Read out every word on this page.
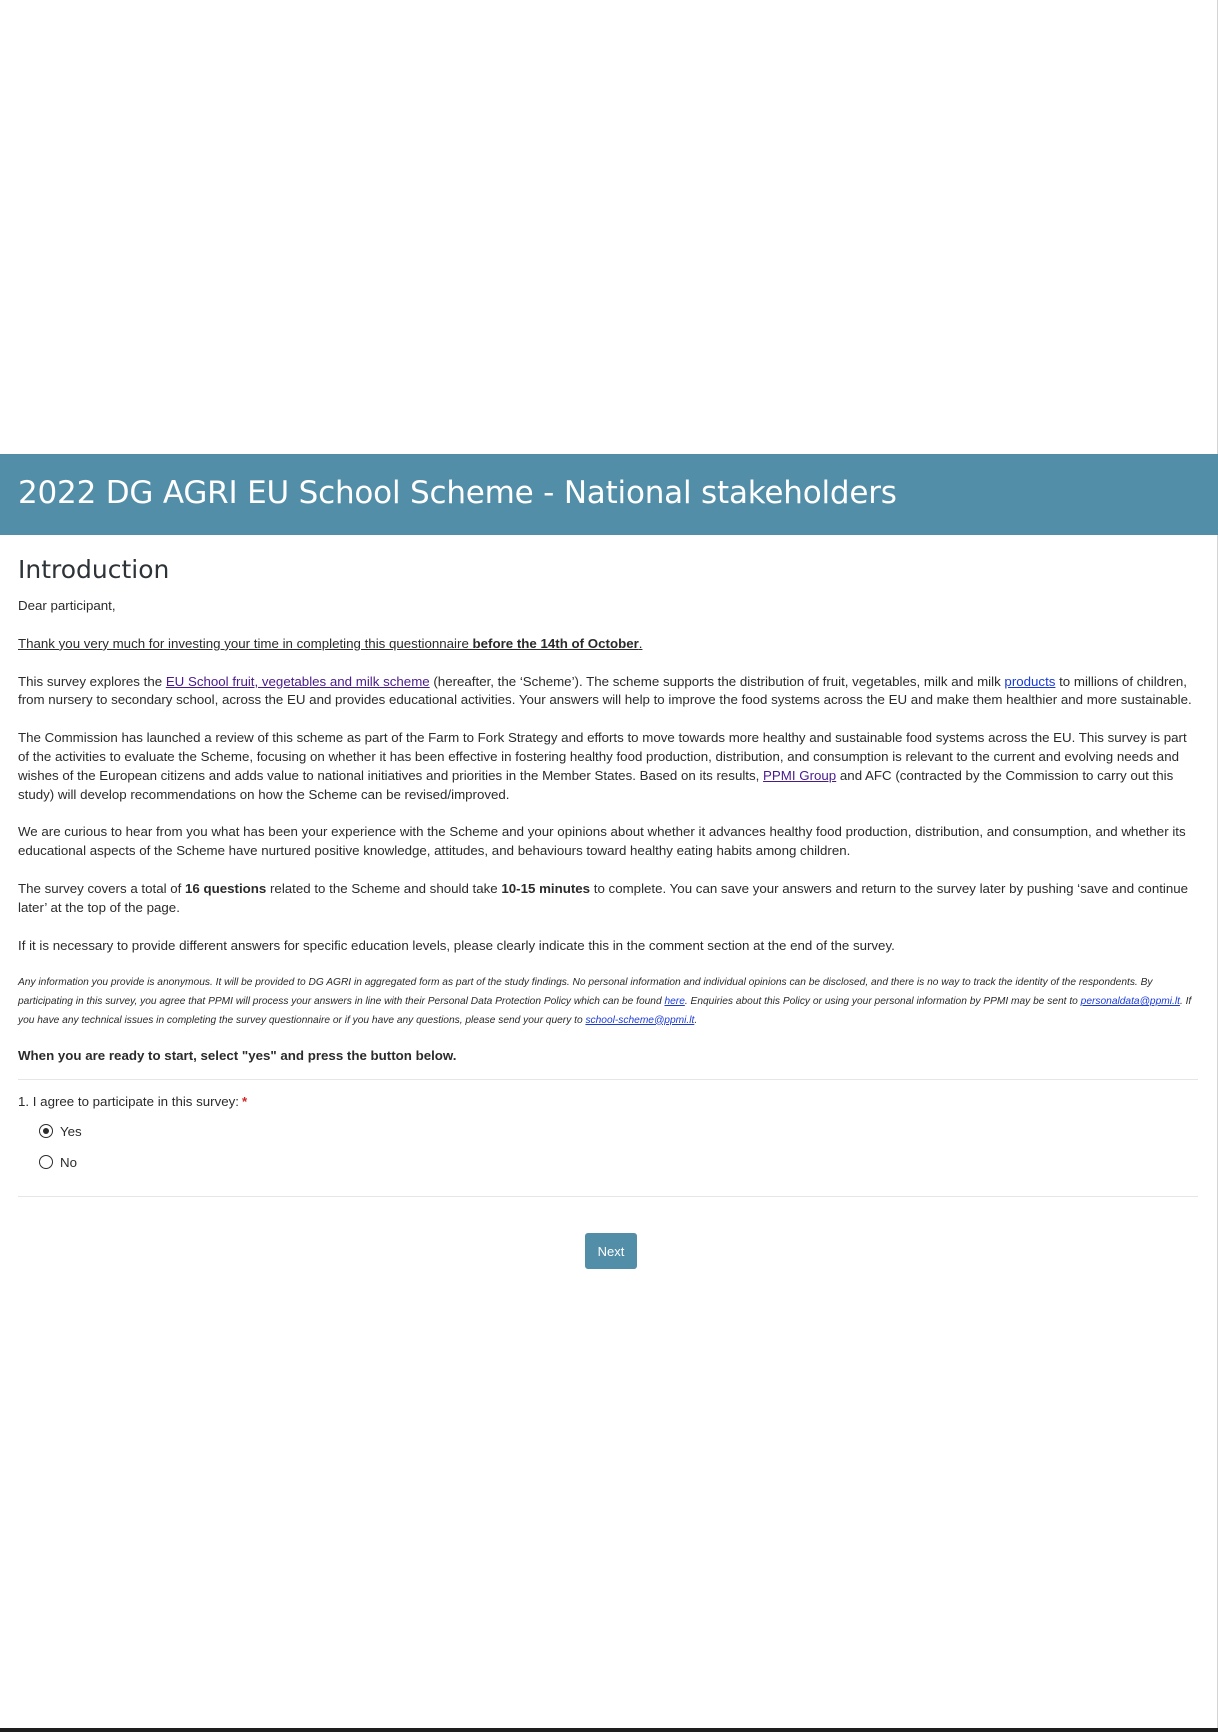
2022 DG AGRI EU School Scheme - National stakeholders
Introduction

Dear participant,

Thank you very much for investing your time in completing this questionnaire before the 14th of October.

This survey explores the EU School fruit, vegetables and milk scheme (hereafter, the ‘Scheme’). The scheme supports the distribution of fruit, vegetables, milk and milk products to millions of children, from nursery to secondary school, across the EU and provides educational activities. Your answers will help to improve the food systems across the EU and make them healthier and more sustainable.

The Commission has launched a review of this scheme as part of the Farm to Fork Strategy and efforts to move towards more healthy and sustainable food systems across the EU. This survey is part of the activities to evaluate the Scheme, focusing on whether it has been effective in fostering healthy food production, distribution, and consumption is relevant to the current and evolving needs and wishes of the European citizens and adds value to national initiatives and priorities in the Member States. Based on its results, PPMI Group and AFC (contracted by the Commission to carry out this study) will develop recommendations on how the Scheme can be revised/improved.

We are curious to hear from you what has been your experience with the Scheme and your opinions about whether it advances healthy food production, distribution, and consumption, and whether its educational aspects of the Scheme have nurtured positive knowledge, attitudes, and behaviours toward healthy eating habits among children.

The survey covers a total of 16 questions related to the Scheme and should take 10-15 minutes to complete. You can save your answers and return to the survey later by pushing ‘save and continue later’ at the top of the page.

If it is necessary to provide different answers for specific education levels, please clearly indicate this in the comment section at the end of the survey.

Any information you provide is anonymous. It will be provided to DG AGRI in aggregated form as part of the study findings. No personal information and individual opinions can be disclosed, and there is no way to track the identity of the respondents. By participating in this survey, you agree that PPMI will process your answers in line with their Personal Data Protection Policy which can be found here. Enquiries about this Policy or using your personal information by PPMI may be sent to personaldata@ppmi.lt. If you have any technical issues in completing the survey questionnaire or if you have any questions, please send your query to school-scheme@ppmi.lt.

When you are ready to start, select "yes" and press the button below.

1. I agree to participate in this survey: *
Yes
No
Next
